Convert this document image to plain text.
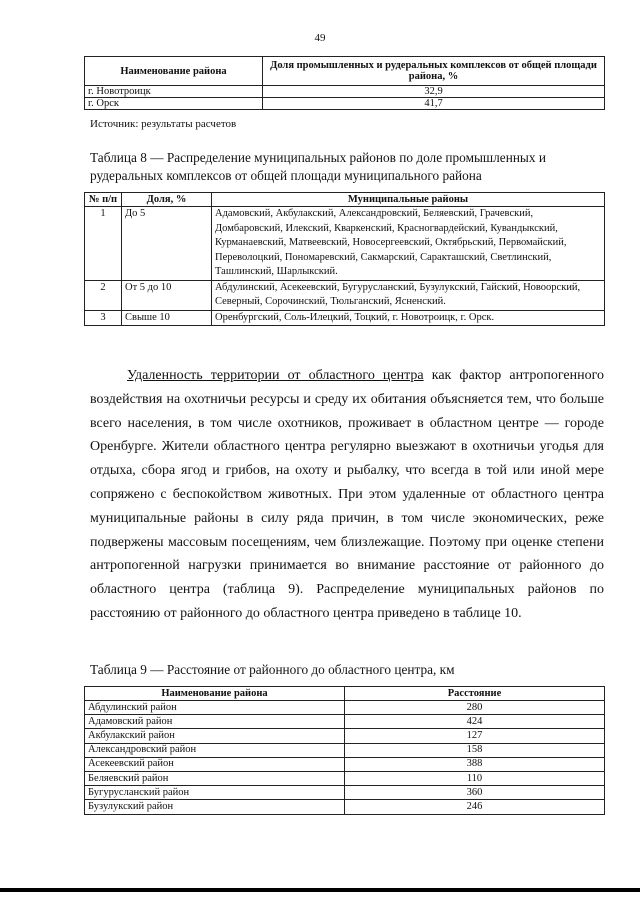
49
Наименование района	Доля промышленных и рудеральных комплексов от общей площади района, %
г. Новотроицк	32,9
г. Орск	41,7
Источник: результаты расчетов
Таблица 8 — Распределение муниципальных районов по доле промышленных и рудеральных комплексов от общей площади муниципального района
№ п/п	Доля, %	Муниципальные районы
1	До 5	Адамовский, Акбулакский, Александровский, Беляевский, Грачевский, Домбаровский, Илекский, Кваркенский, Красногвардейский, Кувандыкский, Курманаевский, Матвеевский, Новосергеевский, Октябрьский, Первомайский, Переволоцкий, Пономаревский, Сакмарский, Саракташский, Светлинский, Ташлинский, Шарлыкский.
2	От 5 до 10	Абдулинский, Асекеевский, Бугурусланский, Бузулукский, Гайский, Новоорский, Северный, Сорочинский, Тюльганский, Ясненский.
3	Свыше 10	Оренбургский, Соль-Илецкий, Тоцкий, г. Новотроицк, г. Орск.
Удаленность территории от областного центра как фактор антропогенного воздействия на охотничьи ресурсы и среду их обитания объясняется тем, что больше всего населения, в том числе охотников, проживает в областном центре — городе Оренбурге. Жители областного центра регулярно выезжают в охотничьи угодья для отдыха, сбора ягод и грибов, на охоту и рыбалку, что всегда в той или иной мере сопряжено с беспокойством животных. При этом удаленные от областного центра муниципальные районы в силу ряда причин, в том числе экономических, реже подвержены массовым посещениям, чем близлежащие. Поэтому при оценке степени антропогенной нагрузки принимается во внимание расстояние от районного до областного центра (таблица 9). Распределение муниципальных районов по расстоянию от районного до областного центра приведено в таблице 10.
Таблица 9 — Расстояние от районного до областного центра, км
Наименование района	Расстояние
Абдулинский район	280
Адамовский район	424
Акбулакский район	127
Александровский район	158
Асекеевский район	388
Беляевский район	110
Бугурусланский район	360
Бузулукский район	246
